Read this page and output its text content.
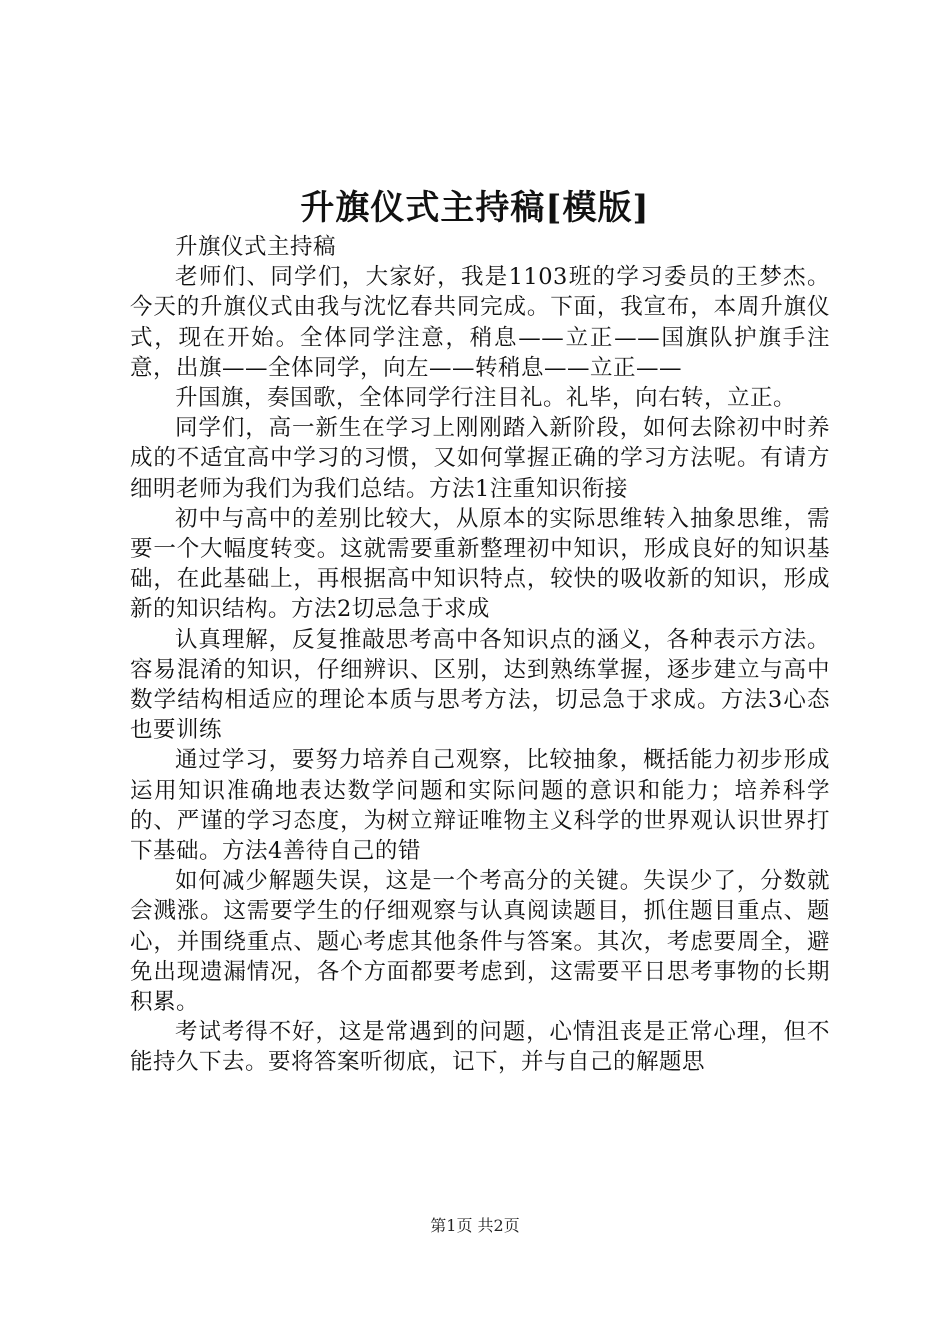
升旗仪式主持稿[模版]

升旗仪式主持稿

老师们、同学们，大家好，我是1103班的学习委员的王梦杰。今天的升旗仪式由我与沈忆春共同完成。下面，我宣布，本周升旗仪式，现在开始。全体同学注意，稍息——立正——国旗队护旗手注意，出旗——全体同学，向左——转稍息——立正——

升国旗，奏国歌，全体同学行注目礼。礼毕，向右转，立正。

同学们，高一新生在学习上刚刚踏入新阶段，如何去除初中时养成的不适宜高中学习的习惯，又如何掌握正确的学习方法呢。有请方细明老师为我们为我们总结。方法1注重知识衔接

初中与高中的差别比较大，从原本的实际思维转入抽象思维，需要一个大幅度转变。这就需要重新整理初中知识，形成良好的知识基础，在此基础上，再根据高中知识特点，较快的吸收新的知识，形成新的知识结构。方法2切忌急于求成

认真理解，反复推敲思考高中各知识点的涵义，各种表示方法。容易混淆的知识，仔细辨识、区别，达到熟练掌握，逐步建立与高中数学结构相适应的理论本质与思考方法，切忌急于求成。方法3心态也要训练

通过学习，要努力培养自己观察，比较抽象，概括能力初步形成运用知识准确地表达数学问题和实际问题的意识和能力；培养科学的、严谨的学习态度，为树立辩证唯物主义科学的世界观认识世界打下基础。方法4善待自己的错

如何减少解题失误，这是一个考高分的关键。失误少了，分数就会溅涨。这需要学生的仔细观察与认真阅读题目，抓住题目重点、题心，并围绕重点、题心考虑其他条件与答案。其次，考虑要周全，避免出现遗漏情况，各个方面都要考虑到，这需要平日思考事物的长期积累。

考试考得不好，这是常遇到的问题，心情沮丧是正常心理，但不能持久下去。要将答案听彻底，记下，并与自己的解题思

第1页 共2页
